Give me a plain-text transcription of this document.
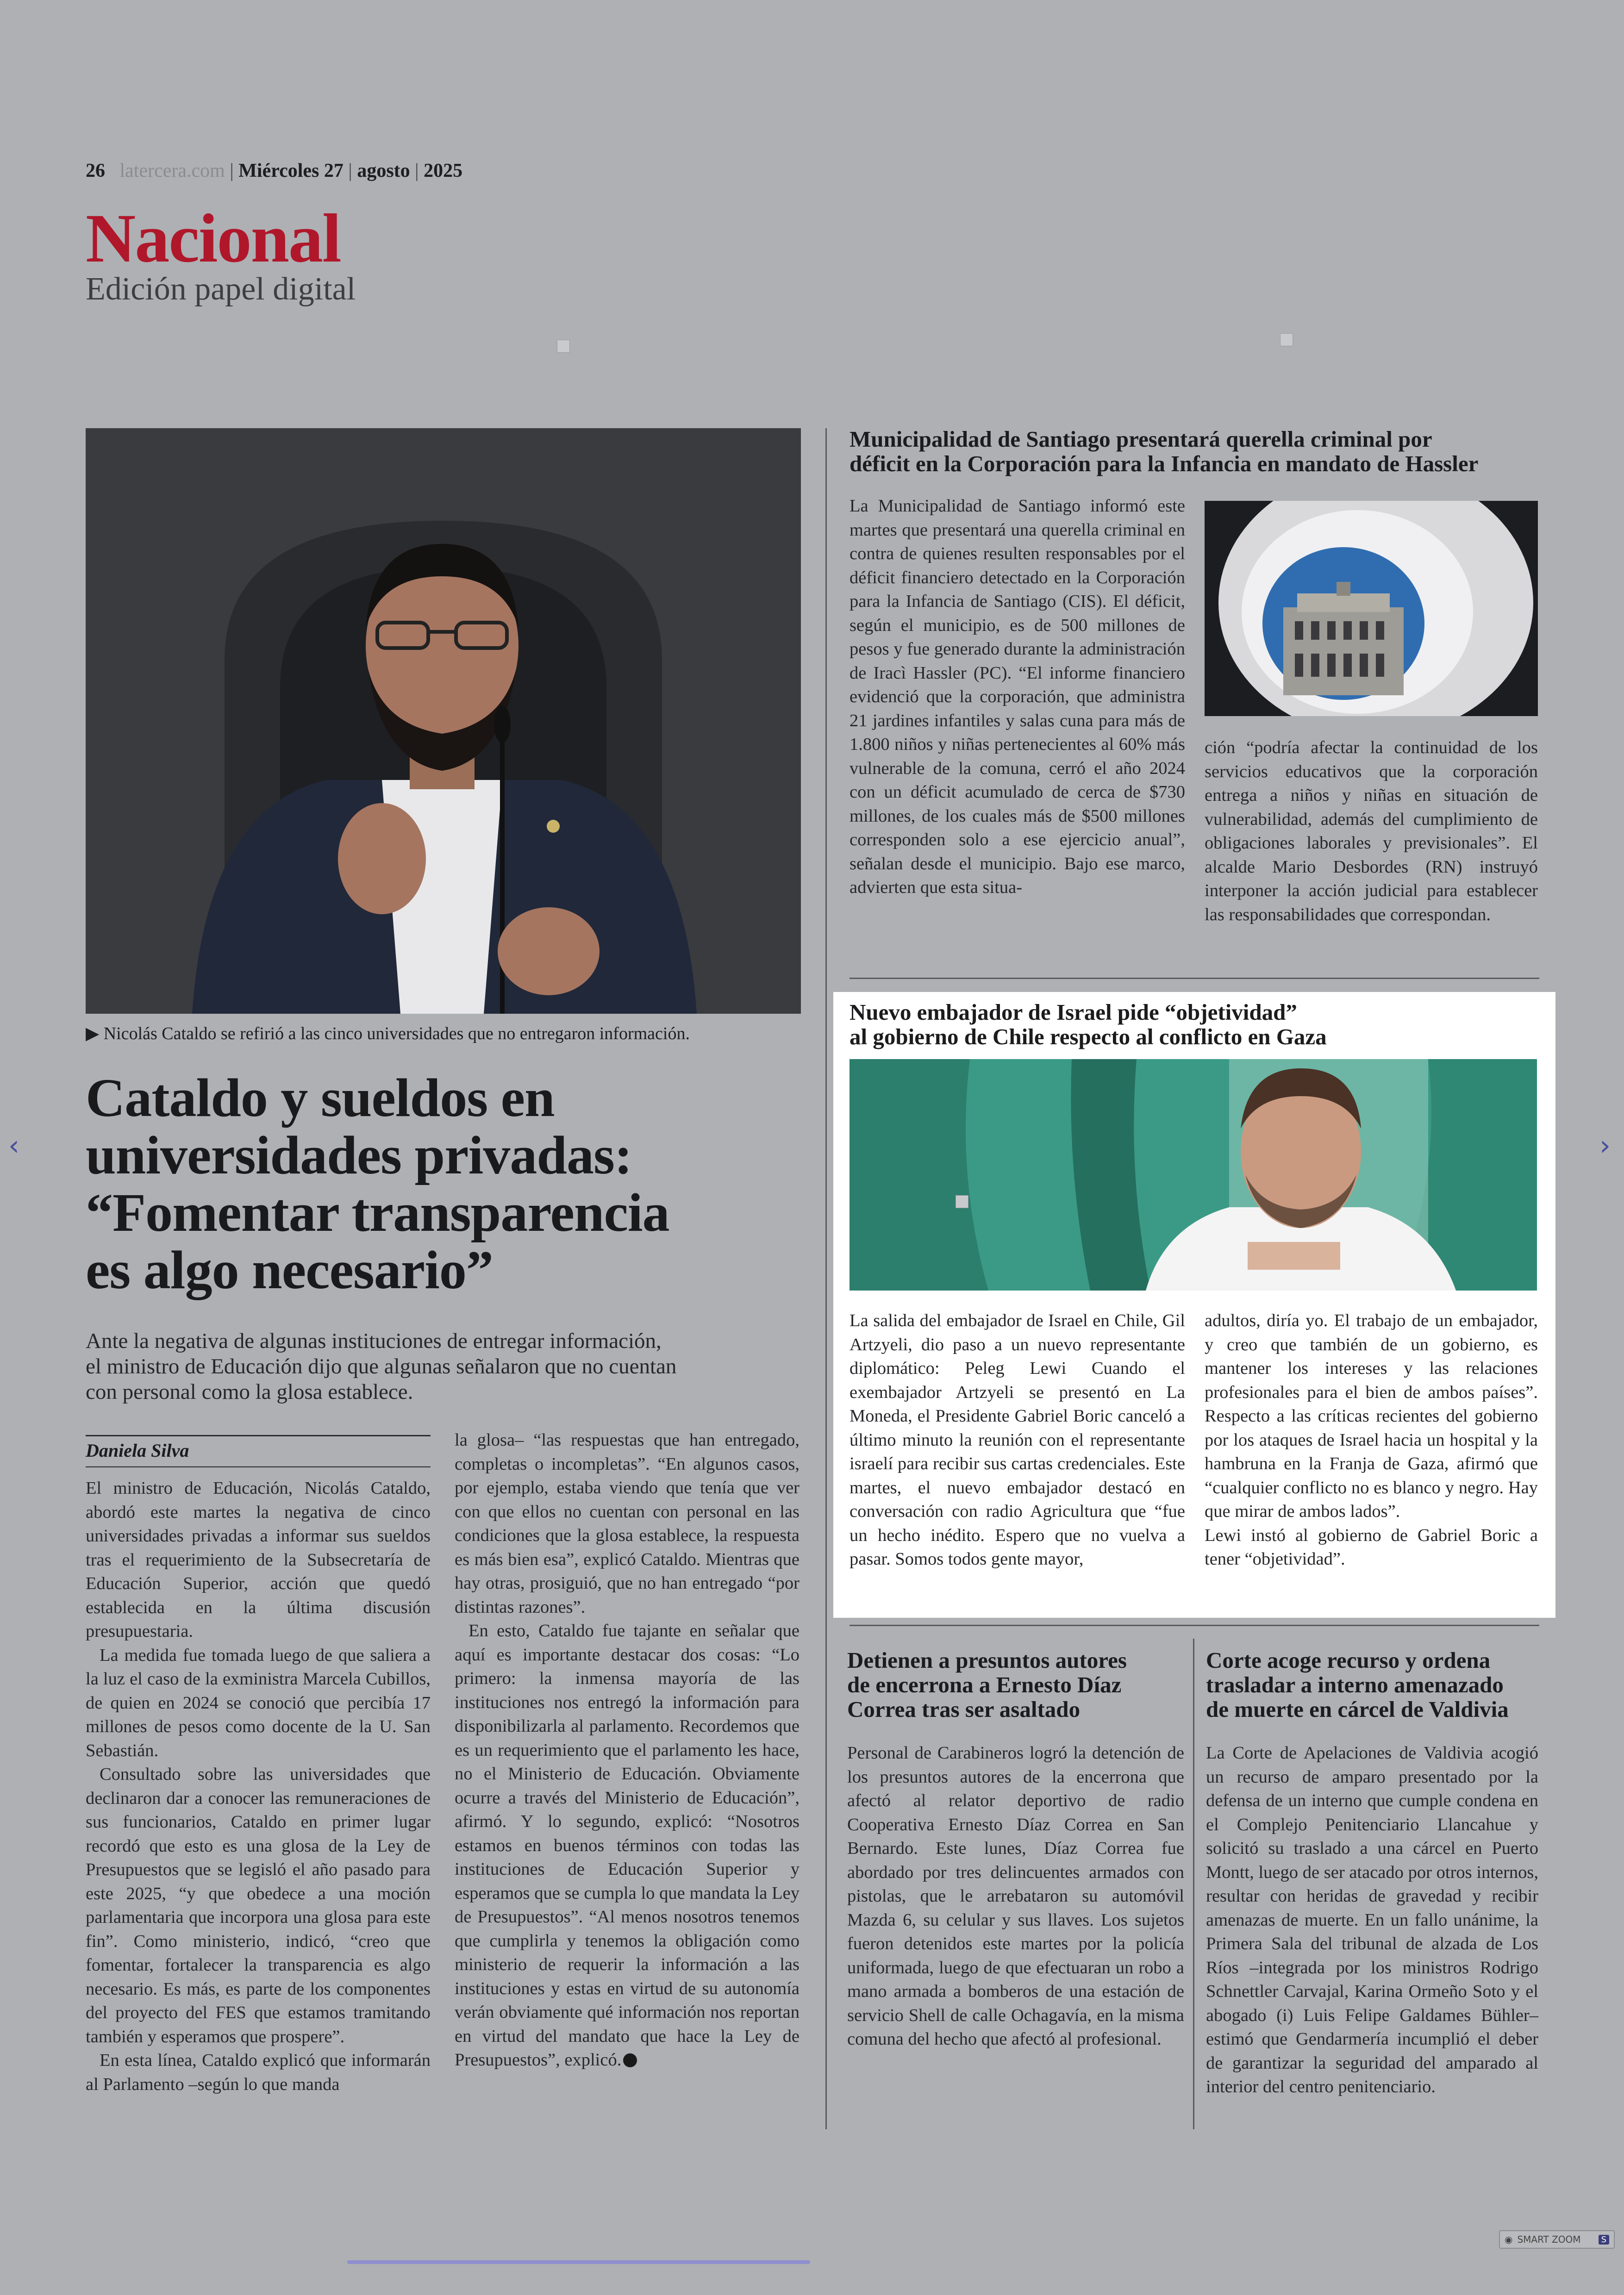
26 latercera.com | Miércoles 27 | agosto | 2025
Nacional
Edición papel digital
▶ Nicolás Cataldo se refirió a las cinco universidades que no entregaron información.
Cataldo y sueldos en
universidades privadas:
“Fomentar transparencia
es algo necesario”
Ante la negativa de algunas instituciones de entregar información,
el ministro de Educación dijo que algunas señalaron que no cuentan
con personal como la glosa establece.
Daniela Silva

El ministro de Educación, Nicolás Cataldo, abordó este martes la negativa de cinco universidades privadas a informar sus sueldos tras el requerimiento de la Subsecretaría de Educación Superior, acción que quedó establecida en la última discusión presupuestaria.

La medida fue tomada luego de que saliera a la luz el caso de la exministra Marcela Cubillos, de quien en 2024 se conoció que percibía 17 millones de pesos como docente de la U. San Sebastián.

Consultado sobre las universidades que declinaron dar a conocer las remuneraciones de sus funcionarios, Cataldo en primer lugar recordó que esto es una glosa de la Ley de Presupuestos que se legisló el año pasado para este 2025, “y que obedece a una moción parlamentaria que incorpora una glosa para este fin”. Como ministerio, indicó, “creo que fomentar, fortalecer la transparencia es algo necesario. Es más, es parte de los componentes del proyecto del FES que estamos tramitando también y esperamos que prospere”.

En esta línea, Cataldo explicó que informarán al Parlamento –según lo que manda

la glosa– “las respuestas que han entregado, completas o incompletas”. “En algunos casos, por ejemplo, estaba viendo que tenía que ver con que ellos no cuentan con personal en las condiciones que la glosa establece, la respuesta es más bien esa”, explicó Cataldo. Mientras que hay otras, prosiguió, que no han entregado “por distintas razones”.

En esto, Cataldo fue tajante en señalar que aquí es importante destacar dos cosas: “Lo primero: la inmensa mayoría de las instituciones nos entregó la información para disponibilizarla al parlamento. Recordemos que es un requerimiento que el parlamento les hace, no el Ministerio de Educación. Obviamente ocurre a través del Ministerio de Educación”, afirmó. Y lo segundo, explicó: “Nosotros estamos en buenos términos con todas las instituciones de Educación Superior y esperamos que se cumpla lo que mandata la Ley de Presupuestos”. “Al menos nosotros tenemos que cumplirla y tenemos la obligación como ministerio de requerir la información a las instituciones y estas en virtud de su autonomía verán obviamente qué información nos reportan en virtud del mandato que hace la Ley de Presupuestos”, explicó.

Municipalidad de Santiago presentará querella criminal por
déficit en la Corporación para la Infancia en mandato de Hassler

La Municipalidad de Santiago informó este martes que presentará una querella criminal en contra de quienes resulten responsables por el déficit financiero detectado en la Corporación para la Infancia de Santiago (CIS). El déficit, según el municipio, es de 500 millones de pesos y fue generado durante la administración de Iracì Hassler (PC). “El informe financiero evidenció que la corporación, que administra 21 jardines infantiles y salas cuna para más de 1.800 niños y niñas pertenecientes al 60% más vulnerable de la comuna, cerró el año 2024 con un déficit acumulado de cerca de $730 millones, de los cuales más de $500 millones corresponden solo a ese ejercicio anual”, señalan desde el municipio. Bajo ese marco, advierten que esta situa-

ción “podría afectar la continuidad de los servicios educativos que la corporación entrega a niños y niñas en situación de vulnerabilidad, además del cumplimiento de obligaciones laborales y previsionales”. El alcalde Mario Desbordes (RN) instruyó interponer la acción judicial para establecer las responsabilidades que correspondan.

Nuevo embajador de Israel pide “objetividad”
al gobierno de Chile respecto al conflicto en Gaza

La salida del embajador de Israel en Chile, Gil Artzyeli, dio paso a un nuevo representante diplomático: Peleg Lewi Cuando el exembajador Artzyeli se presentó en La Moneda, el Presidente Gabriel Boric canceló a último minuto la reunión con el representante israelí para recibir sus cartas credenciales. Este martes, el nuevo embajador destacó en conversación con radio Agricultura que “fue un hecho inédito. Espero que no vuelva a pasar. Somos todos gente mayor,

adultos, diría yo. El trabajo de un embajador, y creo que también de un gobierno, es mantener los intereses y las relaciones profesionales para el bien de ambos países”. Respecto a las críticas recientes del gobierno por los ataques de Israel hacia un hospital y la hambruna en la Franja de Gaza, afirmó que “cualquier conflicto no es blanco y negro. Hay que mirar de ambos lados”.

Lewi instó al gobierno de Gabriel Boric a tener “objetividad”.

Detienen a presuntos autores
de encerrona a Ernesto Díaz
Correa tras ser asaltado

Personal de Carabineros logró la detención de los presuntos autores de la encerrona que afectó al relator deportivo de radio Cooperativa Ernesto Díaz Correa en San Bernardo. Este lunes, Díaz Correa fue abordado por tres delincuentes armados con pistolas, que le arrebataron su automóvil Mazda 6, su celular y sus llaves. Los sujetos fueron detenidos este martes por la policía uniformada, luego de que efectuaran un robo a mano armada a bomberos de una estación de servicio Shell de calle Ochagavía, en la misma comuna del hecho que afectó al profesional.

Corte acoge recurso y ordena
trasladar a interno amenazado
de muerte en cárcel de Valdivia

La Corte de Apelaciones de Valdivia acogió un recurso de amparo presentado por la defensa de un interno que cumple condena en el Complejo Penitenciario Llancahue y solicitó su traslado a una cárcel en Puerto Montt, luego de ser atacado por otros internos, resultar con heridas de gravedad y recibir amenazas de muerte. En un fallo unánime, la Primera Sala del tribunal de alzada de Los Ríos –integrada por los ministros Rodrigo Schnettler Carvajal, Karina Ormeño Soto y el abogado (i) Luis Felipe Galdames Bühler– estimó que Gendarmería incumplió el deber de garantizar la seguridad del amparado al interior del centro penitenciario.

‹	›
◉ SMART ZOOM	S
